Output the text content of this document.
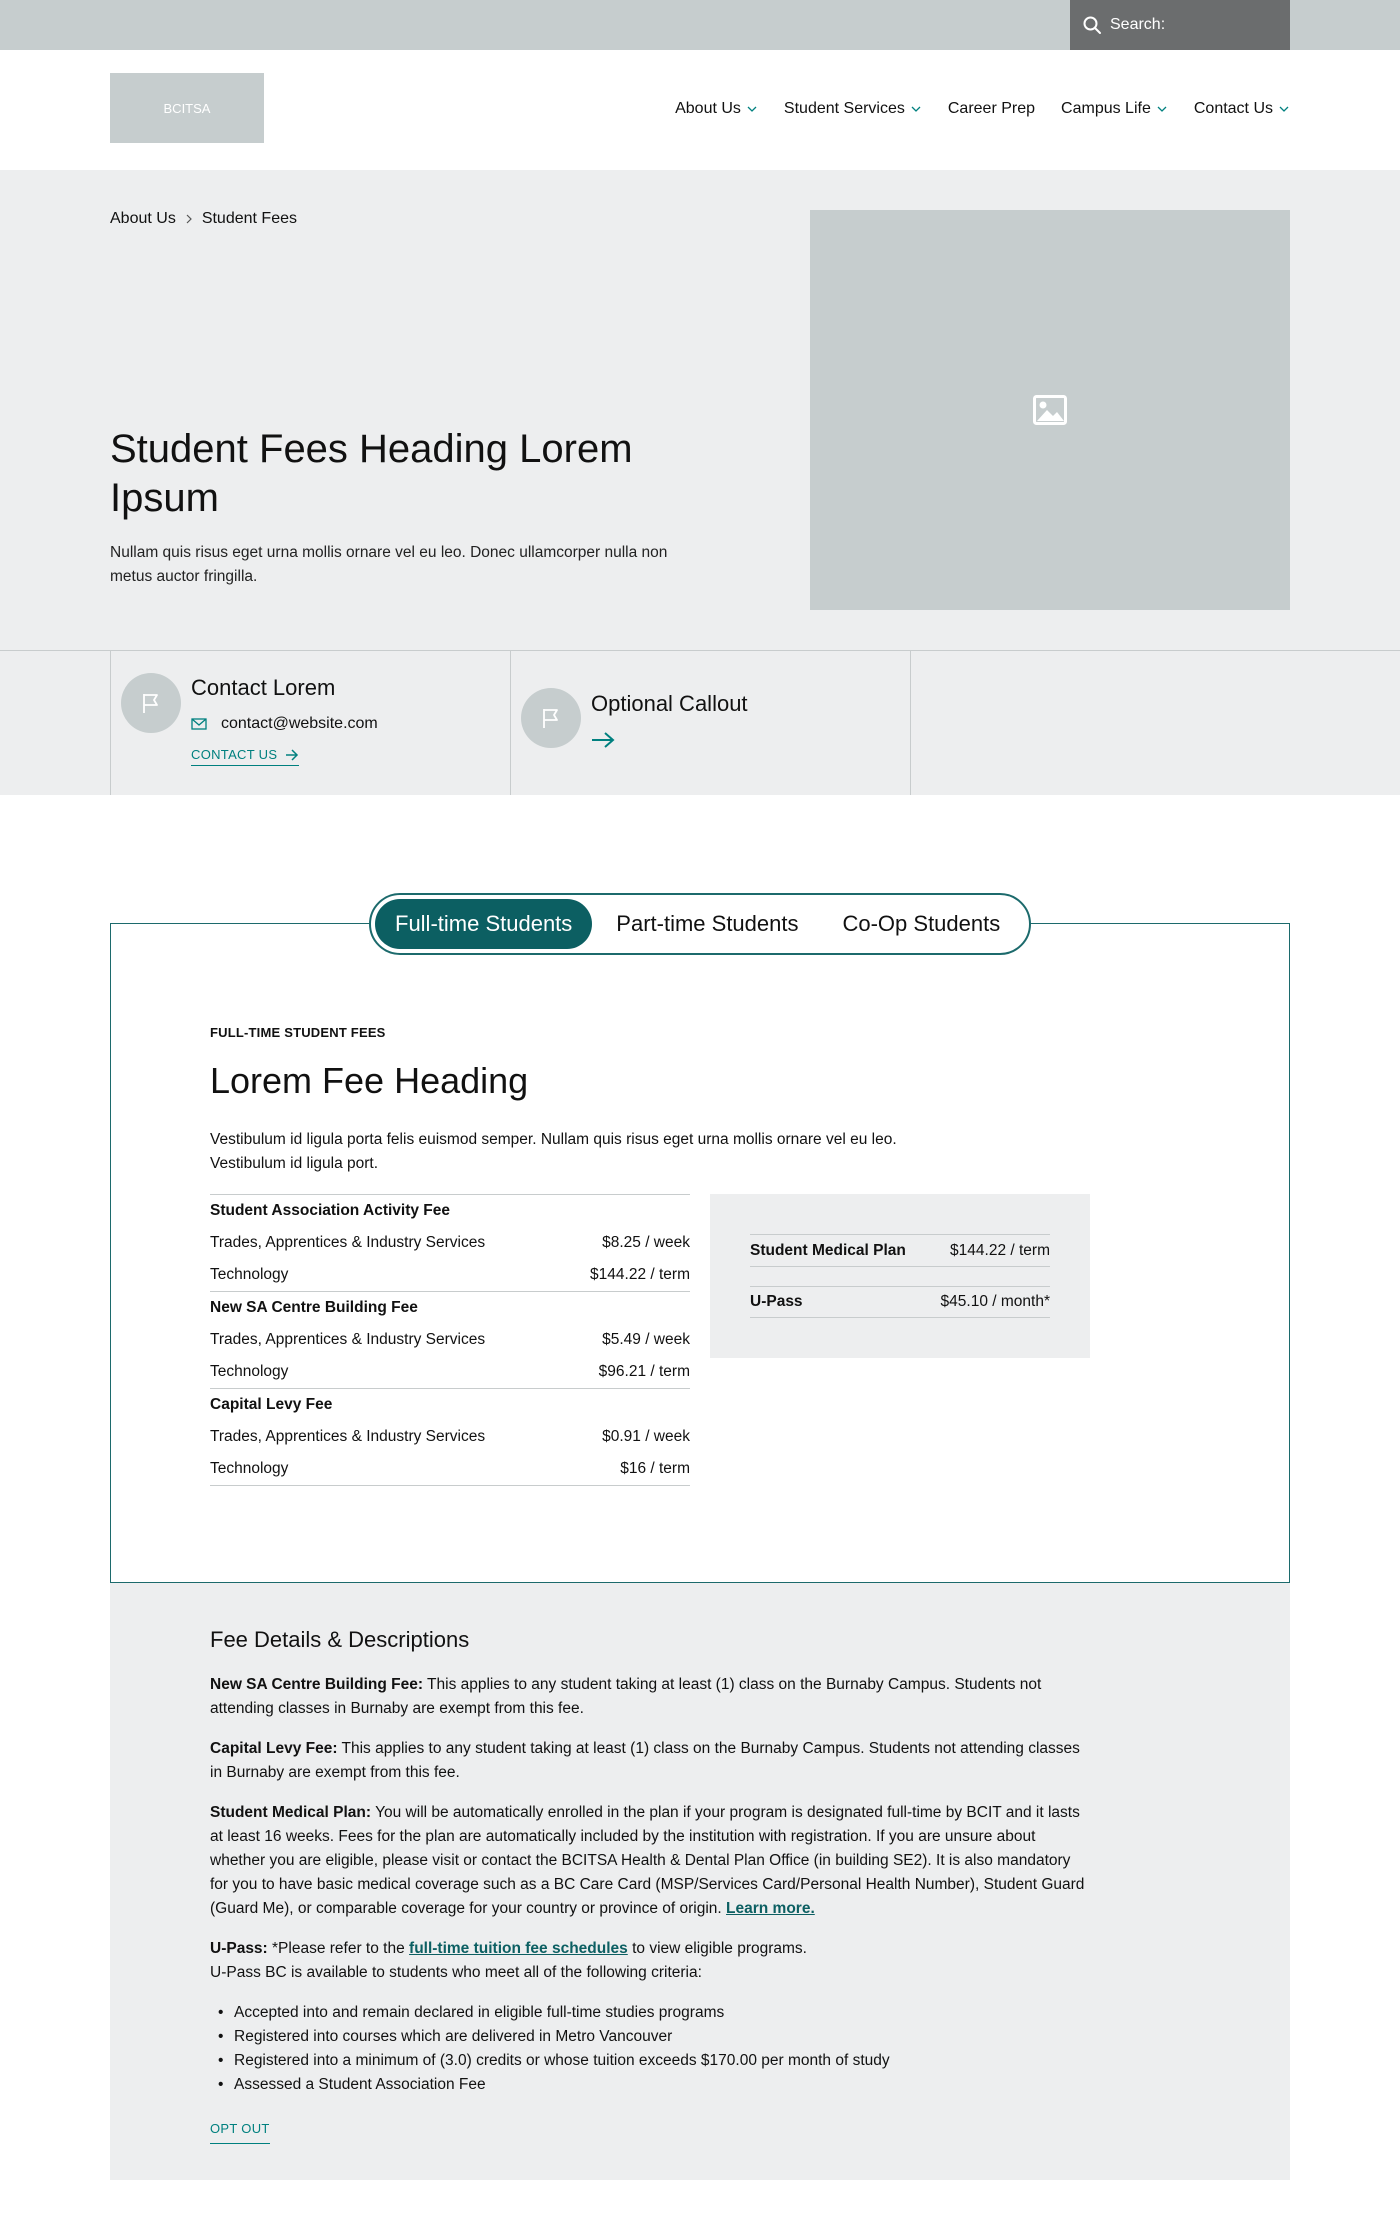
Search:
BCITSA	About Us	Student Services	Career Prep Campus Life	Contact Us
About Us Student Fees
Student Fees Heading Lorem Ipsum

Nullam quis risus eget urna mollis ornare vel eu leo. Donec ullamcorper nulla non metus auctor fringilla.

Contact Lorem
contact@website.com
CONTACT US
Optional Callout
Full-time Students	Part-time Students	Co-Op Students
FULL-TIME STUDENT FEES
Lorem Fee Heading

Vestibulum id ligula porta felis euismod semper. Nullam quis risus eget urna mollis ornare vel eu leo. Vestibulum id ligula port.

Student Association Activity Fee
Trades, Apprentices & Industry Services	$8.25 / week
Technology	$144.22 / term
New SA Centre Building Fee
Trades, Apprentices & Industry Services	$5.49 / week
Technology	$96.21 / term
Capital Levy Fee
Trades, Apprentices & Industry Services	$0.91 / week
Technology	$16 / term
Student Medical Plan	$144.22 / term
U-Pass	$45.10 / month*
Fee Details & Descriptions

New SA Centre Building Fee: This applies to any student taking at least (1) class on the Burnaby Campus. Students not attending classes in Burnaby are exempt from this fee.

Capital Levy Fee: This applies to any student taking at least (1) class on the Burnaby Campus. Students not attending classes in Burnaby are exempt from this fee.

Student Medical Plan: You will be automatically enrolled in the plan if your program is designated full-time by BCIT and it lasts at least 16 weeks. Fees for the plan are automatically included by the institution with registration. If you are unsure about whether you are eligible, please visit or contact the BCITSA Health & Dental Plan Office (in building SE2). It is also mandatory for you to have basic medical coverage such as a BC Care Card (MSP/Services Card/Personal Health Number), Student Guard (Guard Me), or comparable coverage for your country or province of origin. Learn more.

U-Pass: *Please refer to the full-time tuition fee schedules to view eligible programs.
U-Pass BC is available to students who meet all of the following criteria:

• Accepted into and remain declared in eligible full-time studies programs
• Registered into courses which are delivered in Metro Vancouver
• Registered into a minimum of (3.0) credits or whose tuition exceeds $170.00 per month of study
• Assessed a Student Association Fee
OPT OUT
